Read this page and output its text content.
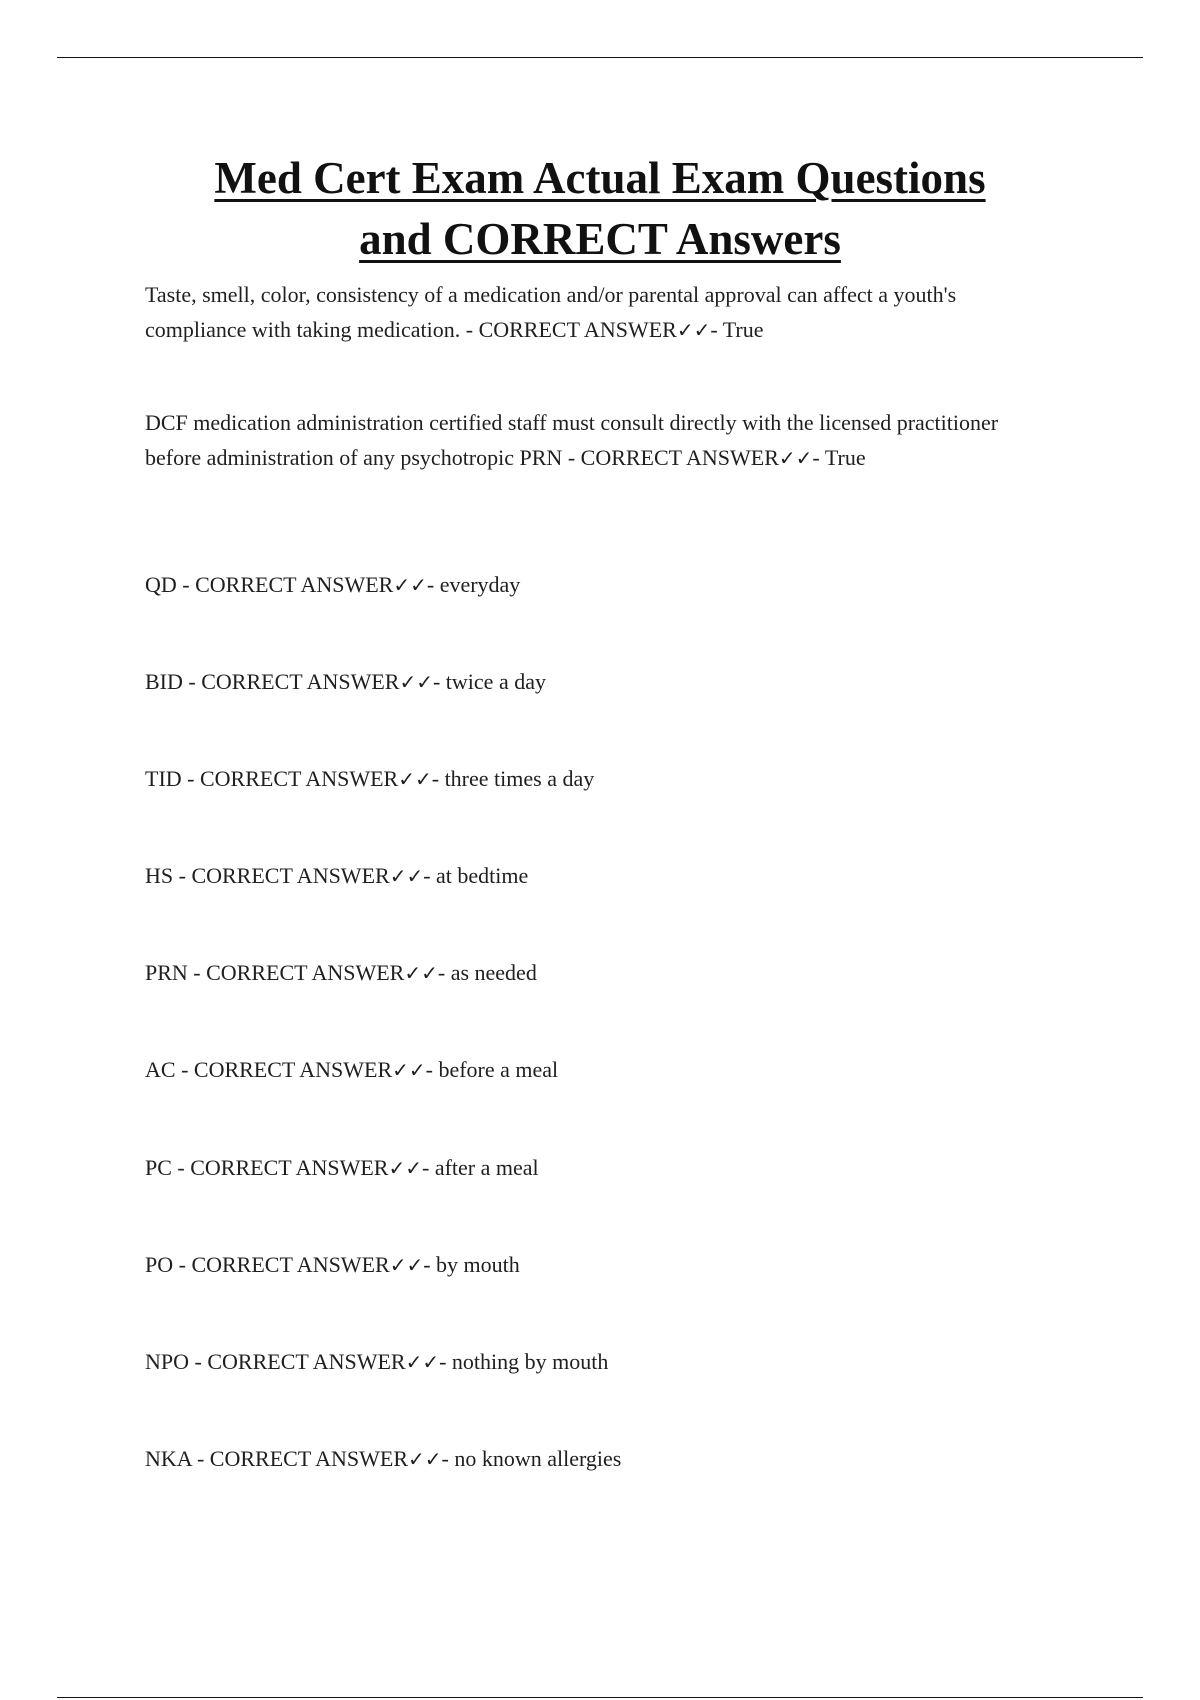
Med Cert Exam Actual Exam Questions
and CORRECT Answers
Taste, smell, color, consistency of a medication and/or parental approval can affect a youth's compliance with taking medication. - CORRECT ANSWER✓✓- True
DCF medication administration certified staff must consult directly with the licensed practitioner before administration of any psychotropic PRN - CORRECT ANSWER✓✓- True
QD - CORRECT ANSWER✓✓- everyday
BID - CORRECT ANSWER✓✓- twice a day
TID - CORRECT ANSWER✓✓- three times a day
HS - CORRECT ANSWER✓✓- at bedtime
PRN - CORRECT ANSWER✓✓- as needed
AC - CORRECT ANSWER✓✓- before a meal
PC - CORRECT ANSWER✓✓- after a meal
PO - CORRECT ANSWER✓✓- by mouth
NPO - CORRECT ANSWER✓✓- nothing by mouth
NKA - CORRECT ANSWER✓✓- no known allergies
